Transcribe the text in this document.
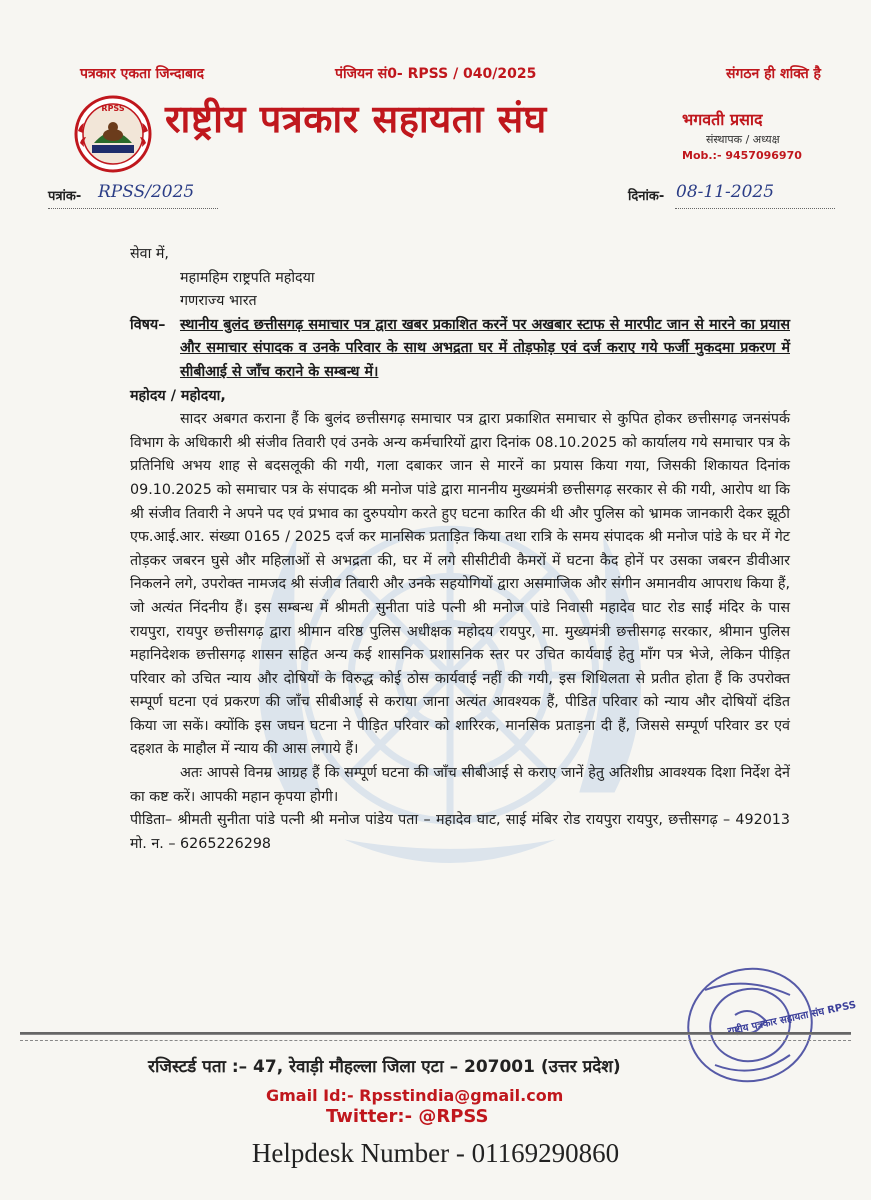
पत्रकार एकता जिन्दाबाद	पंजियन सं0- RPSS / 040/2025	संगठन ही शक्ति है
RPSS राष्ट्रीय पत्रकार सहायता संघ	भगवती प्रसाद
संस्थापक / अध्यक्ष
Mob.:- 9457096970
पत्रांक- RPSS/2025	दिनांक- 08-11-2025
सेवा में,
महामहिम राष्ट्रपति महोदया
गणराज्य भारत
विषय–	स्थानीय बुलंद छत्तीसगढ़ समाचार पत्र द्वारा खबर प्रकाशित करनें पर अखबार स्टाफ से मारपीट जान से मारने का प्रयास और समाचार संपादक व उनके परिवार के साथ अभद्रता घर में तोड़फोड़ एवं दर्ज कराए गये फर्जी मुकदमा प्रकरण में सीबीआई से जाँच कराने के सम्बन्ध में।
महोदय / महोदया,

सादर अबगत कराना हैं कि बुलंद छत्तीसगढ़ समाचार पत्र द्वारा प्रकाशित समाचार से कुपित होकर छत्तीसगढ़ जनसंपर्क विभाग के अधिकारी श्री संजीव तिवारी एवं उनके अन्य कर्मचारियों द्वारा दिनांक 08.10.2025 को कार्यालय गये समाचार पत्र के प्रतिनिधि अभय शाह से बदसलूकी की गयी, गला दबाकर जान से मारनें का प्रयास किया गया, जिसकी शिकायत दिनांक 09.10.2025 को समाचार पत्र के संपादक श्री मनोज पांडे द्वारा माननीय मुख्यमंत्री छत्तीसगढ़ सरकार से की गयी, आरोप था कि श्री संजीव तिवारी ने अपने पद एवं प्रभाव का दुरुपयोग करते हुए घटना कारित की थी और पुलिस को भ्रामक जानकारी देकर झूठी एफ.आई.आर. संख्या 0165 / 2025 दर्ज कर मानसिक प्रताड़ित किया तथा रात्रि के समय संपादक श्री मनोज पांडे के घर में गेट तोड़कर जबरन घुसे और महिलाओं से अभद्रता की, घर में लगे सीसीटीवी कैमरों में घटना कैद होनें पर उसका जबरन डीवीआर निकलने लगे, उपरोक्त नामजद श्री संजीव तिवारी और उनके सहयोगियों द्वारा असमाजिक और संगीन अमानवीय आपराध किया हैं, जो अत्यंत निंदनीय हैं। इस सम्बन्ध में श्रीमती सुनीता पांडे पत्नी श्री मनोज पांडे निवासी महादेव घाट रोड साईं मंदिर के पास रायपुरा, रायपुर छत्तीसगढ़ द्वारा श्रीमान वरिष्ठ पुलिस अधीक्षक महोदय रायपुर, मा. मुख्यमंत्री छत्तीसगढ़ सरकार, श्रीमान पुलिस महानिदेशक छत्तीसगढ़ शासन सहित अन्य कई शासनिक प्रशासनिक स्तर पर उचित कार्यवाई हेतु माँग पत्र भेजे, लेकिन पीड़ित परिवार को उचित न्याय और दोषियों के विरुद्ध कोई ठोस कार्यवाई नहीं की गयी, इस शिथिलता से प्रतीत होता हैं कि उपरोक्त सम्पूर्ण घटना एवं प्रकरण की जाँच सीबीआई से कराया जाना अत्यंत आवश्यक हैं, पीडित परिवार को न्याय और दोषियों दंडित किया जा सकें। क्योंकि इस जघन घटना ने पीड़ित परिवार को शारिरक, मानसिक प्रताड़ना दी हैं, जिससे सम्पूर्ण परिवार डर एवं दहशत के माहौल में न्याय की आस लगाये हैं।

अतः आपसे विनम्र आग्रह हैं कि सम्पूर्ण घटना की जाँच सीबीआई से कराए जानें हेतु अतिशीघ्र आवश्यक दिशा निर्देश देनें का कष्ट करें। आपकी महान कृपया होगी।

पीडिता– श्रीमती सुनीता पांडे पत्नी श्री मनोज पांडेय पता – महादेव घाट, साई मंबिर रोड रायपुरा रायपुर, छत्तीसगढ़ – 492013 मो. न. – 6265226298

राष्ट्रीय पत्रकार सहायता संघ RPSS
रजिस्टर्ड पता :– 47, रेवाड़ी मौहल्ला जिला एटा – 207001 (उत्तर प्रदेश)
Gmail Id:- Rpsstindia@gmail.com
Twitter:- @RPSS
Helpdesk Number - 01169290860
